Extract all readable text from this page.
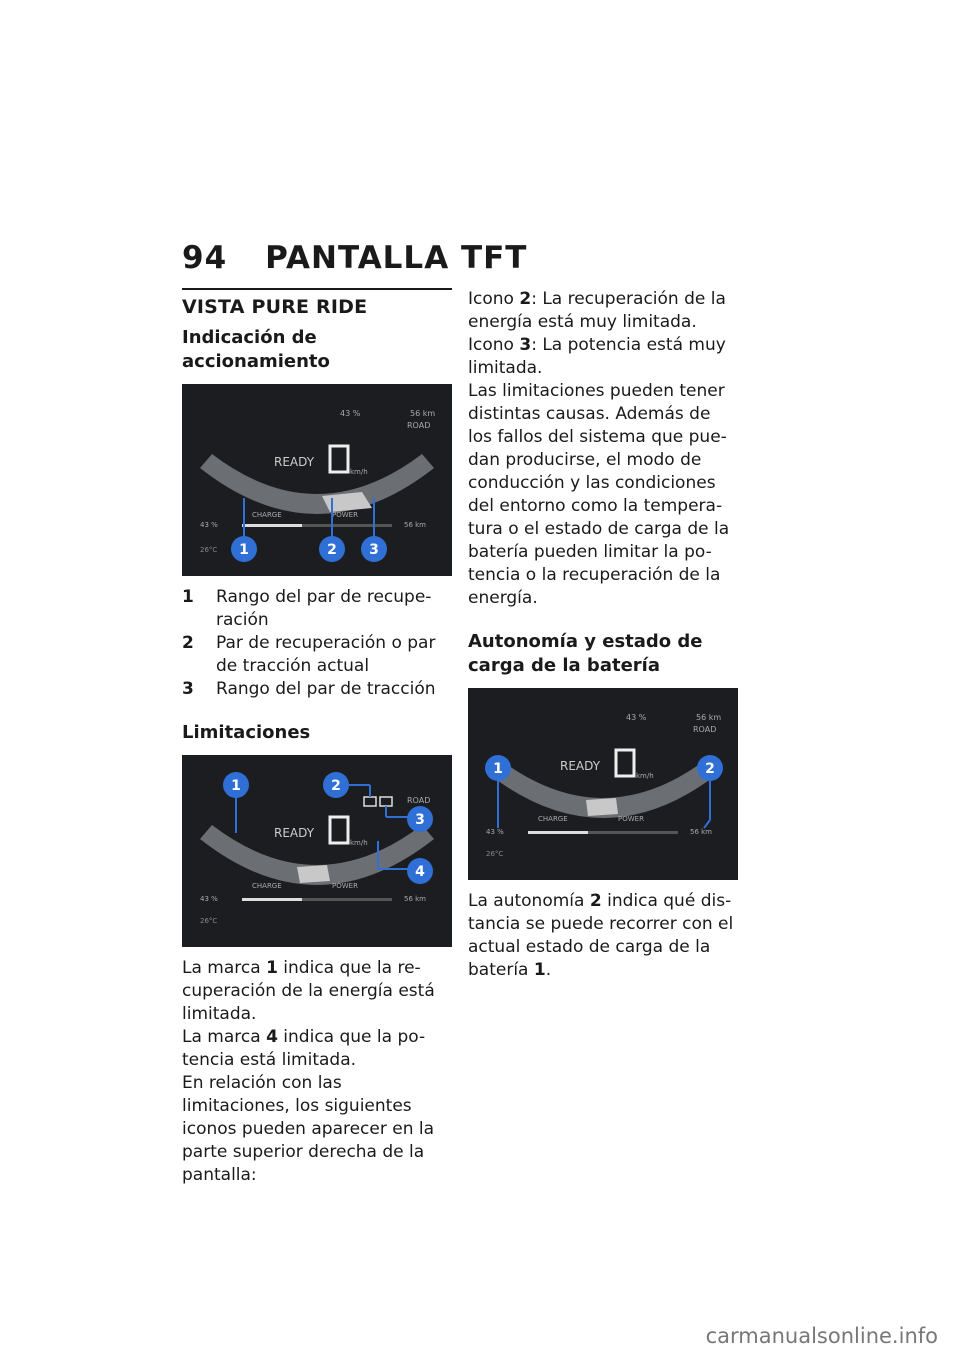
94 PANTALLA TFT
VISTA PURE RIDE
Indicación de accionamiento
43 %	56 km
ROAD
READY
km/h
CHARGE	POWER
43 %	56 km
26°C 1	2 3
1	Rango del par de recupe-ración
2	Par de recuperación o par de tracción actual
3	Rango del par de tracción
Limitaciones
READY
km/h
ROAD
CHARGE	POWER
43 %	56 km
26°C
1	2
3
4

La marca 1 indica que la re-cuperación de la energía está limitada.

La marca 4 indica que la po-tencia está limitada.

En relación con las limitaciones, los siguientes iconos pueden aparecer en la parte superior derecha de la pantalla:

Icono 2: La recuperación de la energía está muy limitada.

Icono 3: La potencia está muy limitada.

Las limitaciones pueden tener distintas causas. Además de los fallos del sistema que pue-dan producirse, el modo de conducción y las condiciones del entorno como la tempera-tura o el estado de carga de la batería pueden limitar la po-tencia o la recuperación de la energía.

Autonomía y estado de carga de la batería
43 %	56 km
ROAD
READY
km/h
CHARGE	POWER
43 %	56 km
26°C
1	2

La autonomía 2 indica qué dis-tancia se puede recorrer con el actual estado de carga de la batería 1.

carmanualsonline.info
